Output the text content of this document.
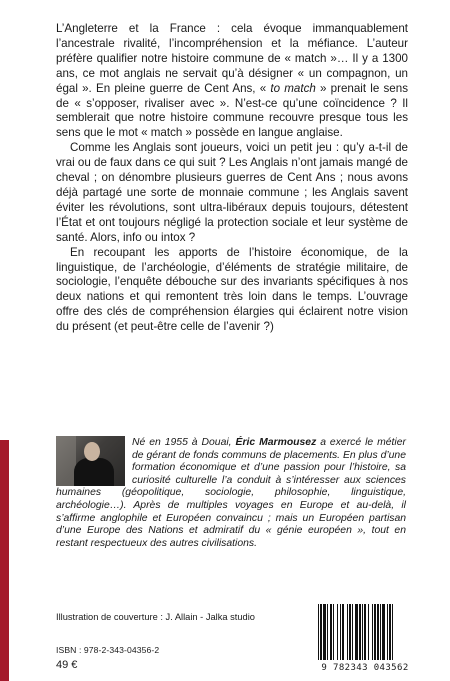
L’Angleterre et la France : cela évoque immanquablement l’ancestrale rivalité, l’incompréhension et la méfiance. L’auteur préfère qualifier notre histoire commune de « match »… Il y a 1300 ans, ce mot anglais ne servait qu’à désigner « un compagnon, un égal ». En pleine guerre de Cent Ans, « to match » prenait le sens de « s’opposer, rivaliser avec ». N’est-ce qu’une coïncidence ? Il semblerait que notre histoire commune recouvre presque tous les sens que le mot « match » possède en langue anglaise.

Comme les Anglais sont joueurs, voici un petit jeu : qu’y a-t-il de vrai ou de faux dans ce qui suit ? Les Anglais n’ont jamais mangé de cheval ; on dénombre plusieurs guerres de Cent Ans ; nous avons déjà partagé une sorte de monnaie commune ; les Anglais savent éviter les révolutions, sont ultra-libéraux depuis toujours, détestent l’État et ont toujours négligé la protection sociale et leur système de santé. Alors, info ou intox ?

En recoupant les apports de l’histoire économique, de la linguistique, de l’archéologie, d’éléments de stratégie militaire, de sociologie, l’enquête débouche sur des invariants spécifiques à nos deux nations et qui remontent très loin dans le temps. L’ouvrage offre des clés de compréhension élargies qui éclairent notre vision du présent (et peut-être celle de l’avenir ?)

Né en 1955 à Douai, Éric Marmousez a exercé le métier de gérant de fonds communs de placements. En plus d’une formation économique et d’une passion pour l’histoire, sa curiosité culturelle l’a conduit à s’intéresser aux sciences humaines (géopolitique, sociologie, philosophie, linguistique, archéologie…). Après de multiples voyages en Europe et au-delà, il s’affirme anglophile et Européen convaincu ; mais un Européen partisan d’une Europe des Nations et admiratif du « génie européen », tout en restant respectueux des autres civilisations.
Illustration de couverture : J. Allain - Jalka studio
ISBN : 978-2-343-04356-2
49 €	9 782343 043562
